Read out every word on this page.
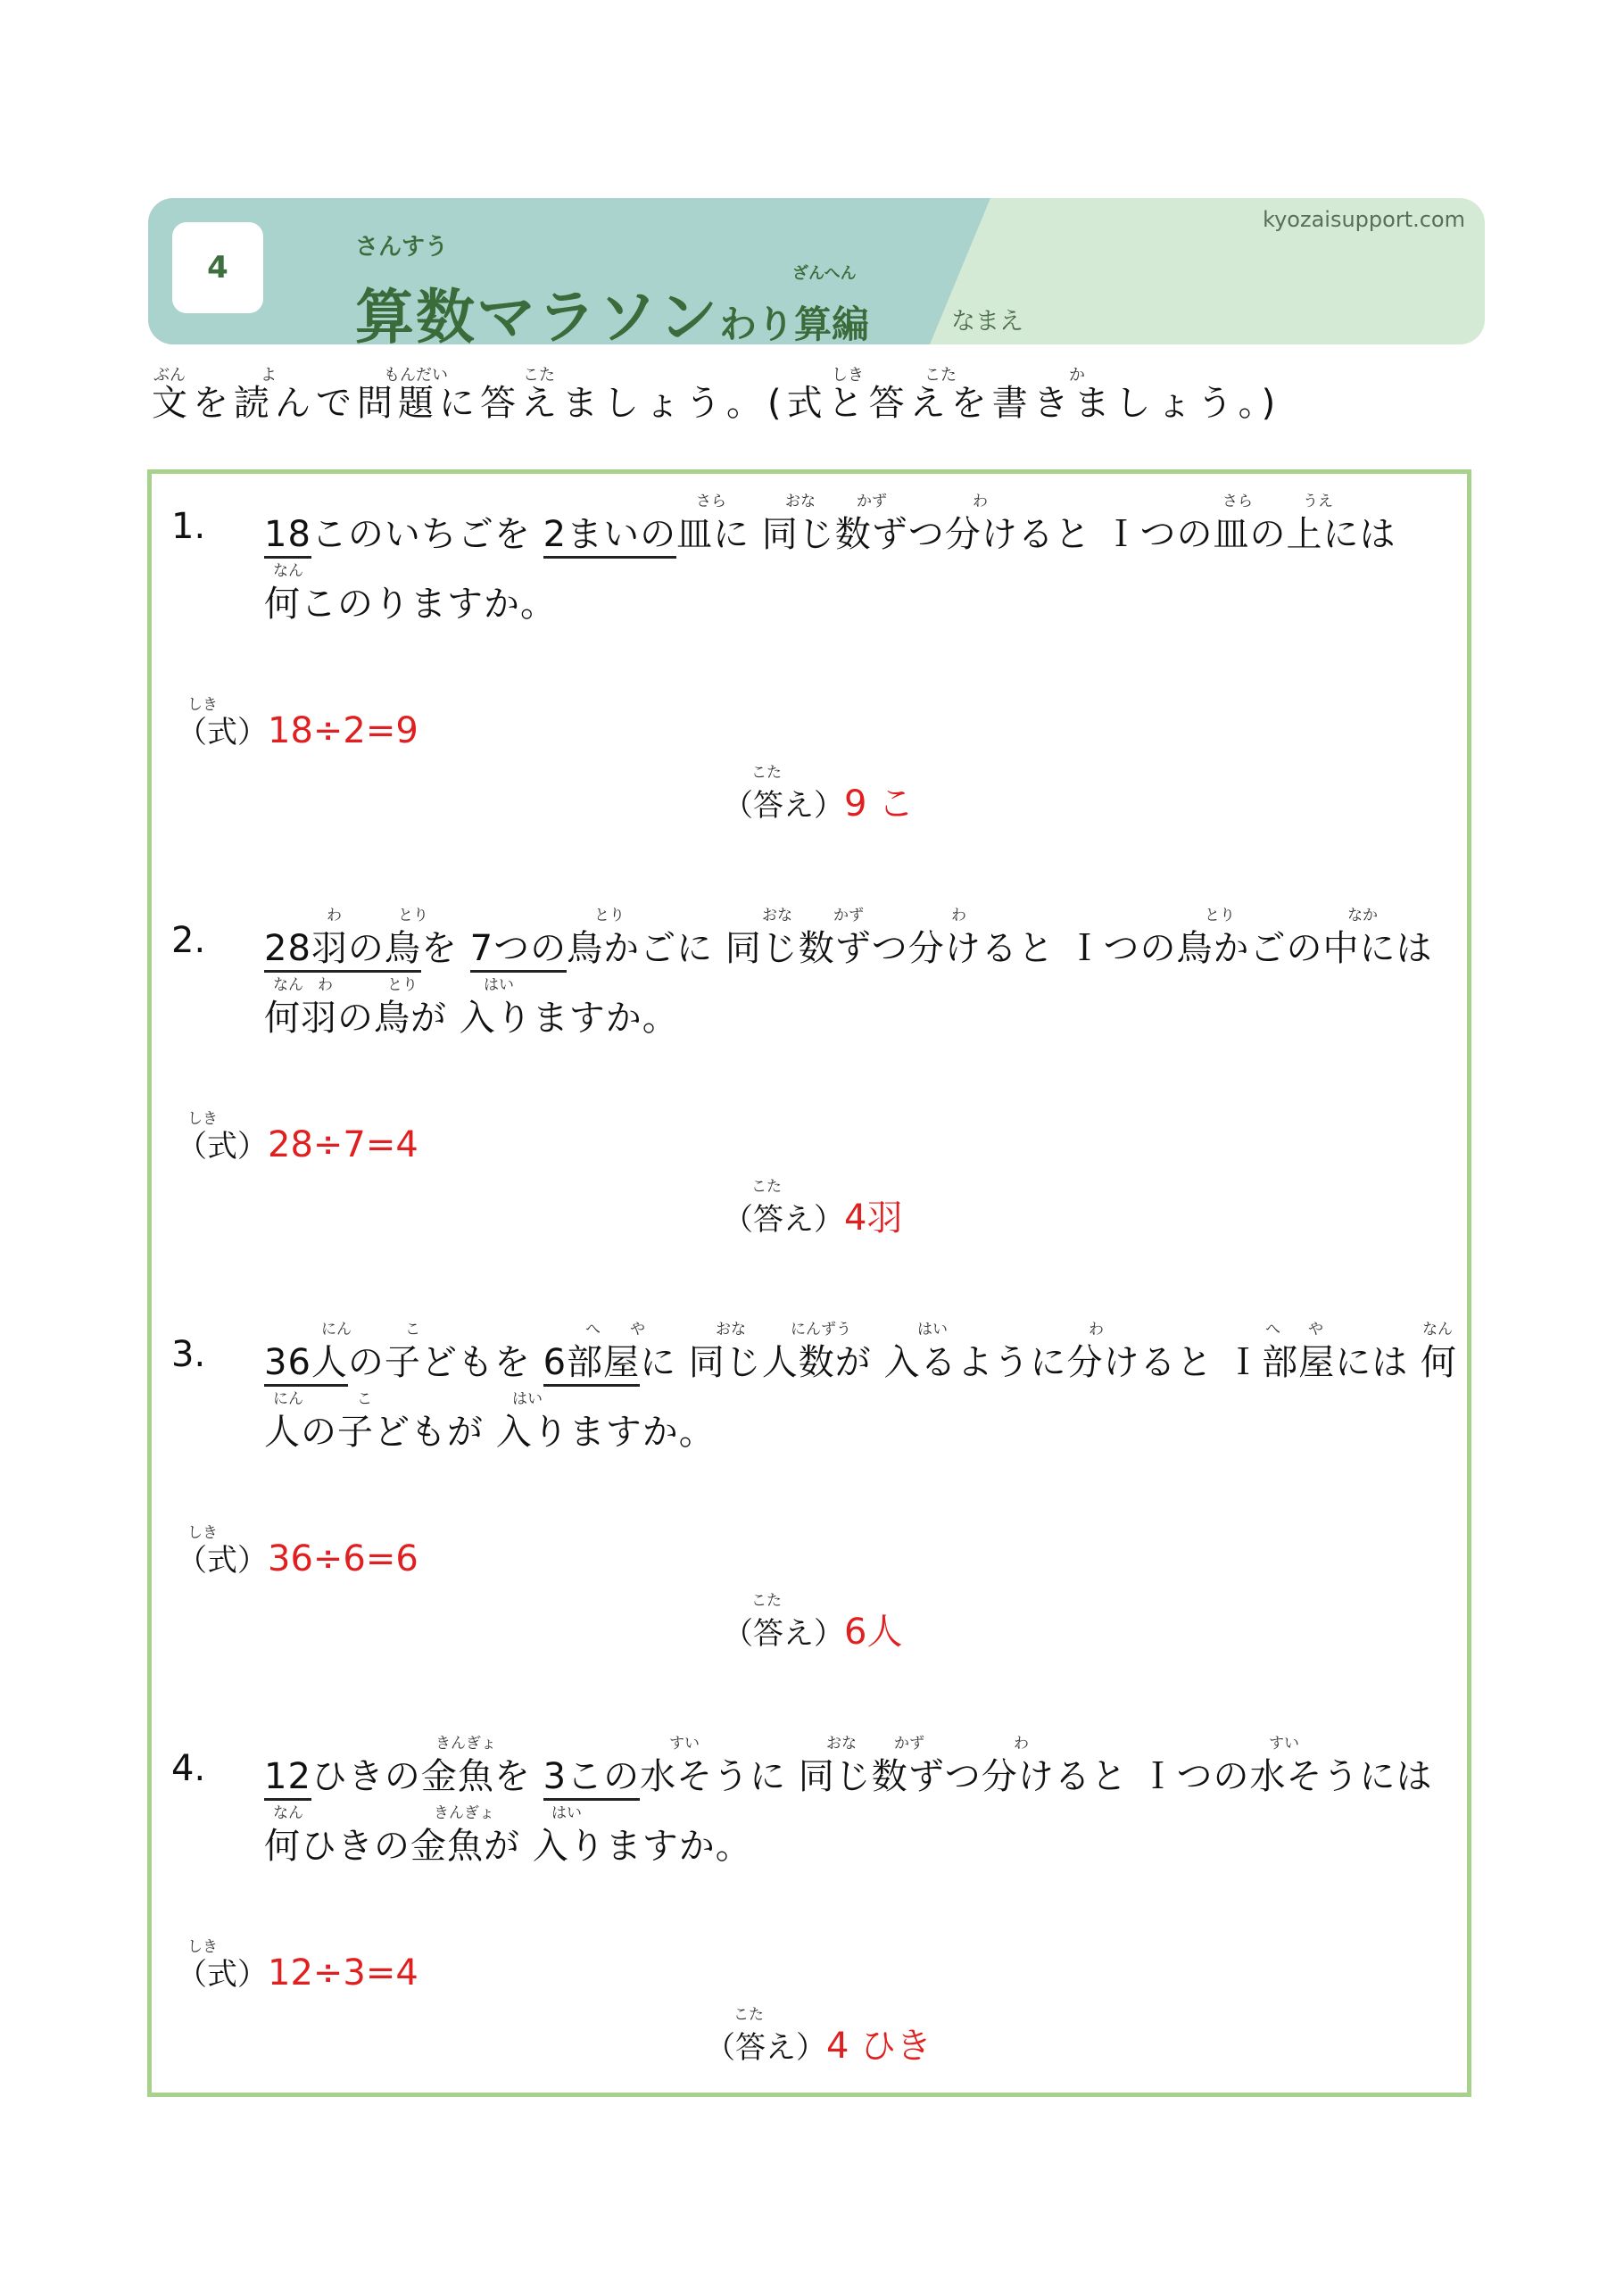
4
さんすう
算数マラソンわり算編
ざんへん
kyozaisupport.com
なまえ
文を読んで問題に答えましょう。(式と答えを書きましょう。)
ぶん	よ	もんだい	こた	しき	こた	か
1. 18このいちごを 2まいの皿に 同じ数ずつ分けると Ｉつの皿の上には
さら	おな	かず	わ	さら	うえ
何このりますか。
なん
しき
（式）18÷2=9
こた
（答え）9 こ
2. 28羽の鳥を 7つの鳥かごに 同じ数ずつ分けると Ｉつの鳥かごの中には
わ	とり	とり	おな	かず	わ	とり	なか
何羽の鳥が 入りますか。
なん わ	とり	はい
しき
（式）28÷7=4
こた
（答え）4羽
3. 36人の子どもを 6部屋に 同じ人数が 入るように分けると Ｉ部屋には 何
にん	こ	へ や	おな	にんずう	はい	わ	へ や	なん
人の子どもが 入りますか。
にん	こ	はい
しき
（式）36÷6=6
こた
（答え）6人
4. 12ひきの金魚を 3この水そうに 同じ数ずつ分けると Ｉつの水そうには
きんぎょ	すい	おな かず	わ	すい
何ひきの金魚が 入りますか。
なん	きんぎょ	はい
しき
（式）12÷3=4
こた
（答え）4 ひき
